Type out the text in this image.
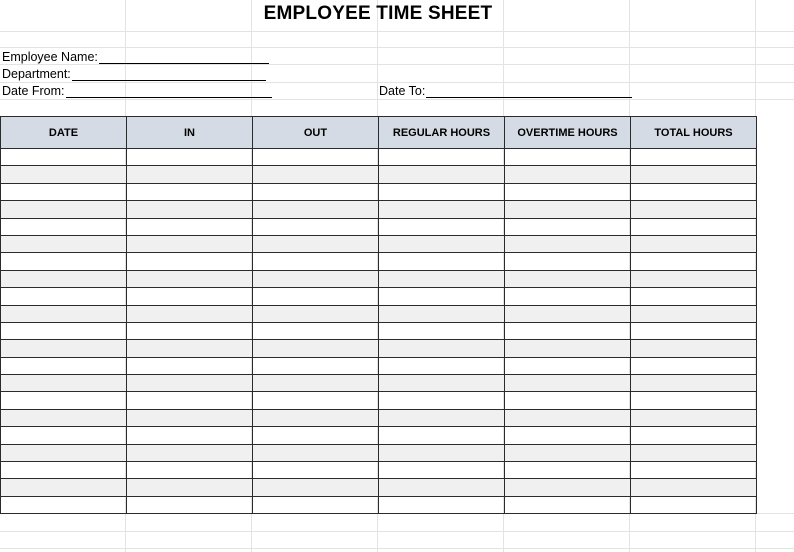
EMPLOYEE TIME SHEET
Employee Name:
Department:
Date From:	Date To:
DATE	IN	OUT	REGULAR HOURS	OVERTIME HOURS	TOTAL HOURS
